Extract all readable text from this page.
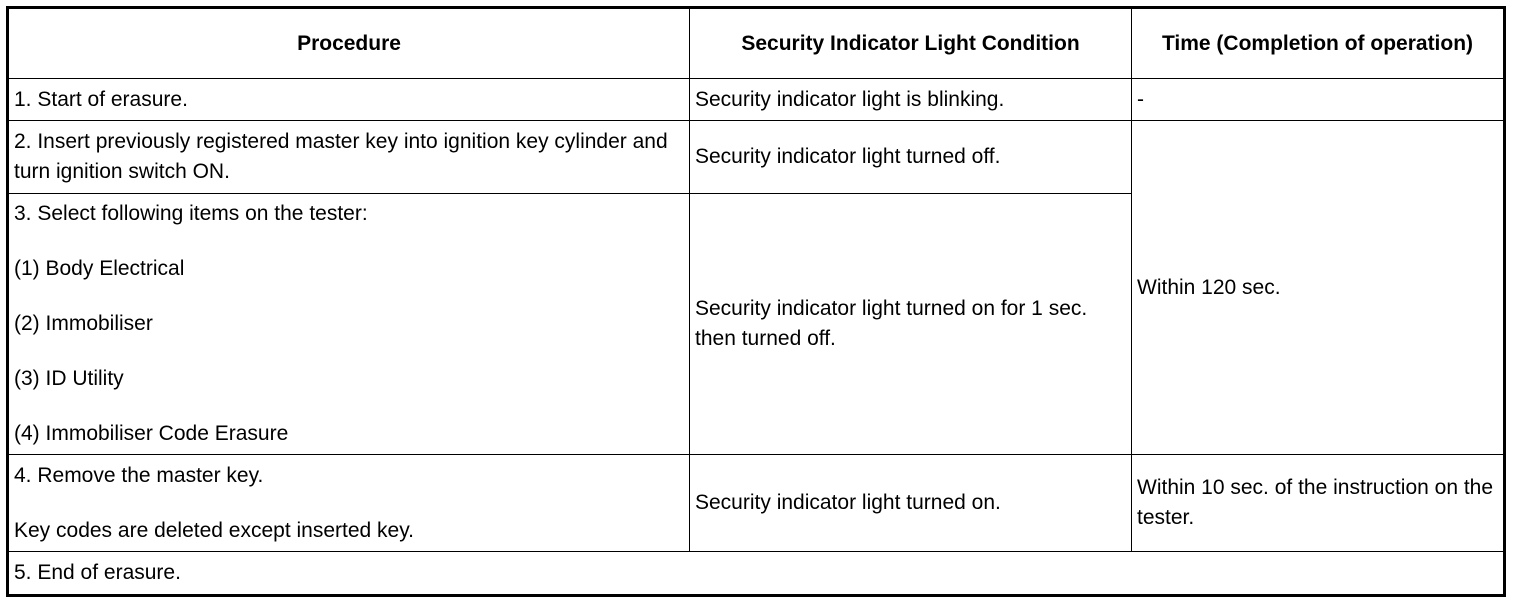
Procedure	Security Indicator Light Condition	Time (Completion of operation)

1. Start of erasure.	Security indicator light is blinking.	-

2. Insert previously registered master key into ignition key cylinder and turn ignition switch ON.	Security indicator light turned off.	Within 120 sec.

3. Select following items on the tester:
(1) Body Electrical
(2) Immobiliser
(3) ID Utility
(4) Immobiliser Code Erasure	Security indicator light turned on for 1 sec. then turned off.	

4. Remove the master key.
Key codes are deleted except inserted key.	Security indicator light turned on.	Within 10 sec. of the instruction on the tester.

5. End of erasure.		
